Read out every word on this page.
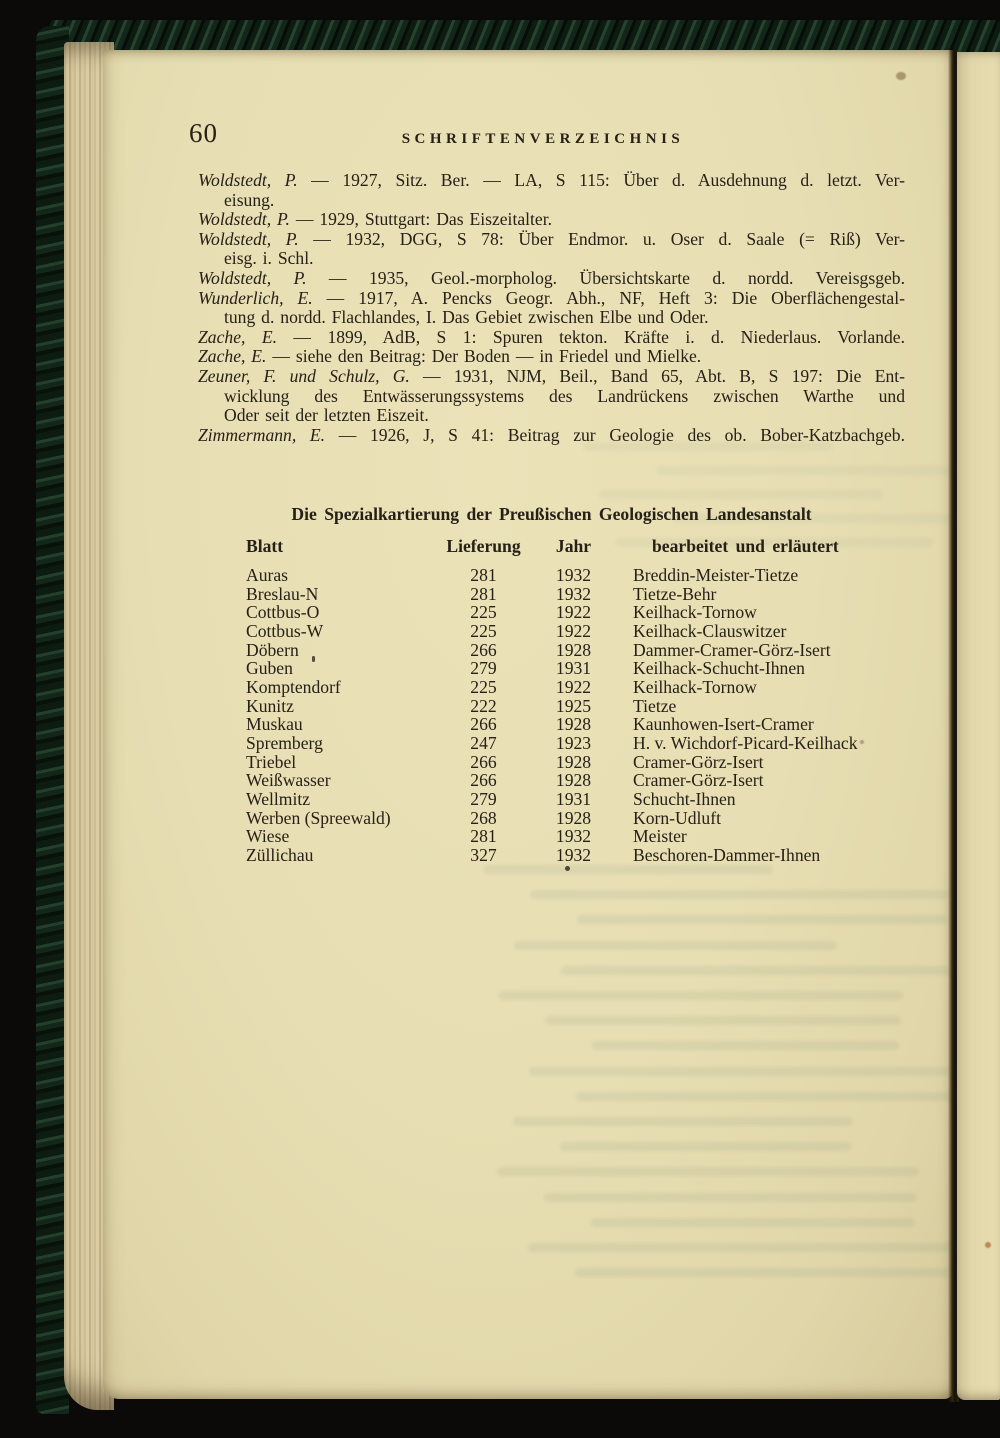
60	SCHRIFTENVERZEICHNIS
Woldstedt, P. — 1927, Sitz. Ber. — LA, S 115: Über d. Ausdehnung d. letzt. Ver-
eisung.
Woldstedt, P. — 1929, Stuttgart: Das Eiszeitalter.
Woldstedt, P. — 1932, DGG, S 78: Über Endmor. u. Oser d. Saale (= Riß) Ver-
eisg. i. Schl.
Woldstedt, P. — 1935, Geol.-morpholog. Übersichtskarte d. nordd. Vereisgsgeb.
Wunderlich, E. — 1917, A. Pencks Geogr. Abh., NF, Heft 3: Die Oberflächengestal-
tung d. nordd. Flachlandes, I. Das Gebiet zwischen Elbe und Oder.
Zache, E. — 1899, AdB, S 1: Spuren tekton. Kräfte i. d. Niederlaus. Vorlande.
Zache, E. — siehe den Beitrag: Der Boden — in Friedel und Mielke.
Zeuner, F. und Schulz, G. — 1931, NJM, Beil., Band 65, Abt. B, S 197: Die Ent-
wicklung des Entwässerungssystems des Landrückens zwischen Warthe und
Oder seit der letzten Eiszeit.
Zimmermann, E. — 1926, J, S 41: Beitrag zur Geologie des ob. Bober-Katzbachgeb.
Die Spezialkartierung der Preußischen Geologischen Landesanstalt
Blatt	Lieferung	Jahr	bearbeitet und erläutert
Auras	281	1932	Breddin-Meister-Tietze
Breslau-N	281	1932	Tietze-Behr
Cottbus-O	225	1922	Keilhack-Tornow
Cottbus-W	225	1922	Keilhack-Clauswitzer
Döbern	266	1928	Dammer-Cramer-Görz-Isert
Guben	279	1931	Keilhack-Schucht-Ihnen
Komptendorf	225	1922	Keilhack-Tornow
Kunitz	222	1925	Tietze
Muskau	266	1928	Kaunhowen-Isert-Cramer
Spremberg	247	1923	H. v. Wichdorf-Picard-Keilhack
Triebel	266	1928	Cramer-Görz-Isert
Weißwasser	266	1928	Cramer-Görz-Isert
Wellmitz	279	1931	Schucht-Ihnen
Werben (Spreewald)	268	1928	Korn-Udluft
Wiese	281	1932	Meister
Züllichau	327	1932	Beschoren-Dammer-Ihnen
